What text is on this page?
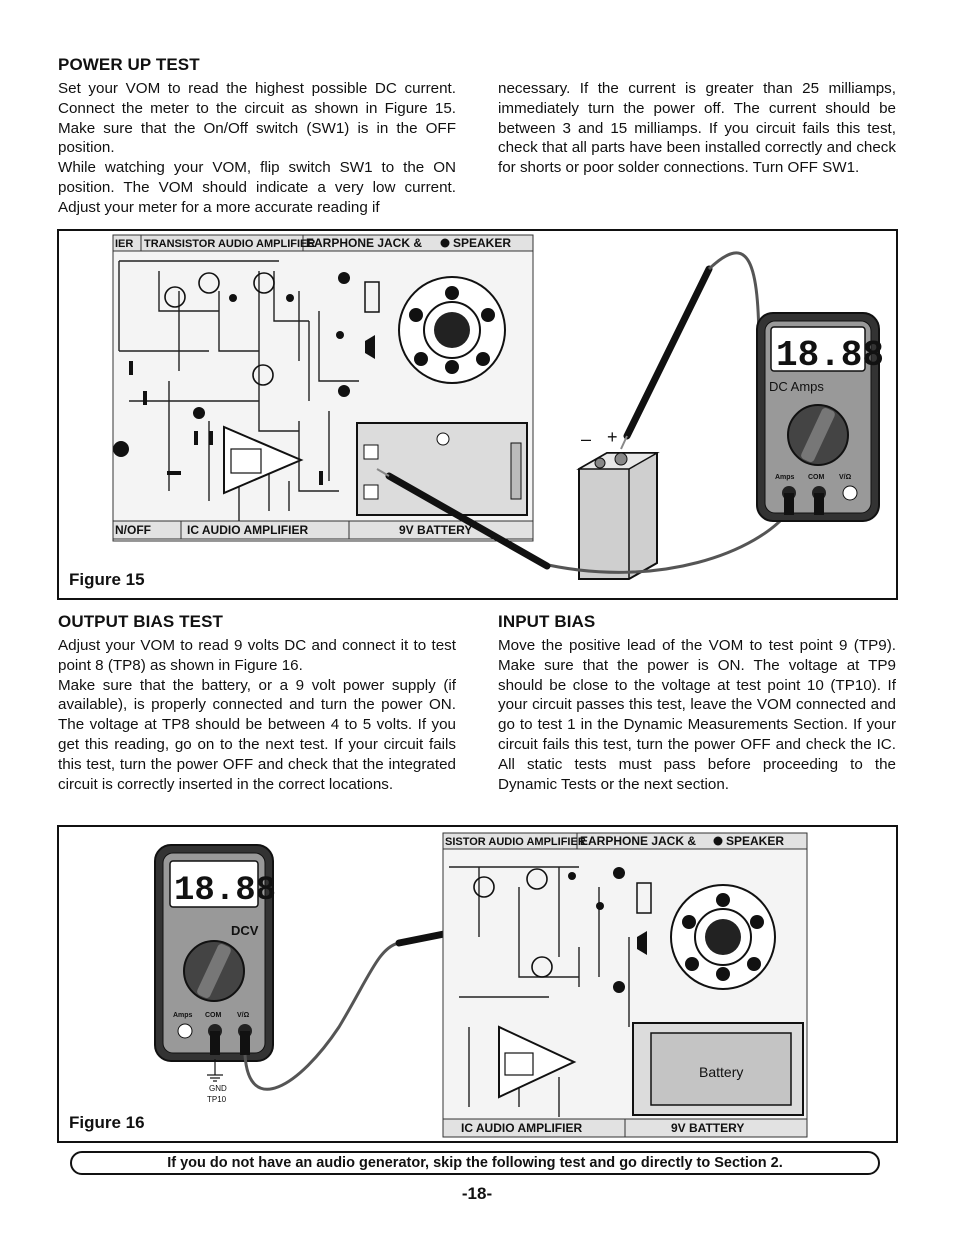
POWER UP TEST

Set your VOM to read the highest possible DC current. Connect the meter to the circuit as shown in Figure 15. Make sure that the On/Off switch (SW1) is in the OFF position.

While watching your VOM, flip switch SW1 to the ON position. The VOM should indicate a very low current. Adjust your meter for a more accurate reading if

necessary. If the current is greater than 25 milliamps, immediately turn the power off. The current should be between 3 and 15 milliamps. If you circuit fails this test, check that all parts have been installed correctly and check for shorts or poor solder connections. Turn OFF SW1.

IER TRANSISTOR AUDIO AMPLIFIER
EARPHONE JACK &	SPEAKER
N/OFF	IC AUDIO AMPLIFIER	9V BATTERY
– +
18.88
DC Amps
Amps COM V/Ω
Figure 15
OUTPUT BIAS TEST

Adjust your VOM to read 9 volts DC and connect it to test point 8 (TP8) as shown in Figure 16.

Make sure that the battery, or a 9 volt power supply (if available), is properly connected and turn the power ON. The voltage at TP8 should be between 4 to 5 volts. If you get this reading, go on to the next test. If your circuit fails this test, turn the power OFF and check that the integrated circuit is correctly inserted in the correct locations.

INPUT BIAS

Move the positive lead of the VOM to test point 9 (TP9). Make sure that the power is ON. The voltage at TP9 should be close to the voltage at test point 10 (TP10). If your circuit passes this test, leave the VOM connected and go to test 1 in the Dynamic Measurements Section. If your circuit fails this test, turn the power OFF and check the IC. All static tests must pass before proceeding to the Dynamic Tests or the next section.

18.88
DCV
Amps COM V/Ω
GND
TP10
Battery
SISTOR AUDIO AMPLIFIER
EARPHONE JACK & SPEAKER
IC AUDIO AMPLIFIER	9V BATTERY
Figure 16
If you do not have an audio generator, skip the following test and go directly to Section 2.
-18-
